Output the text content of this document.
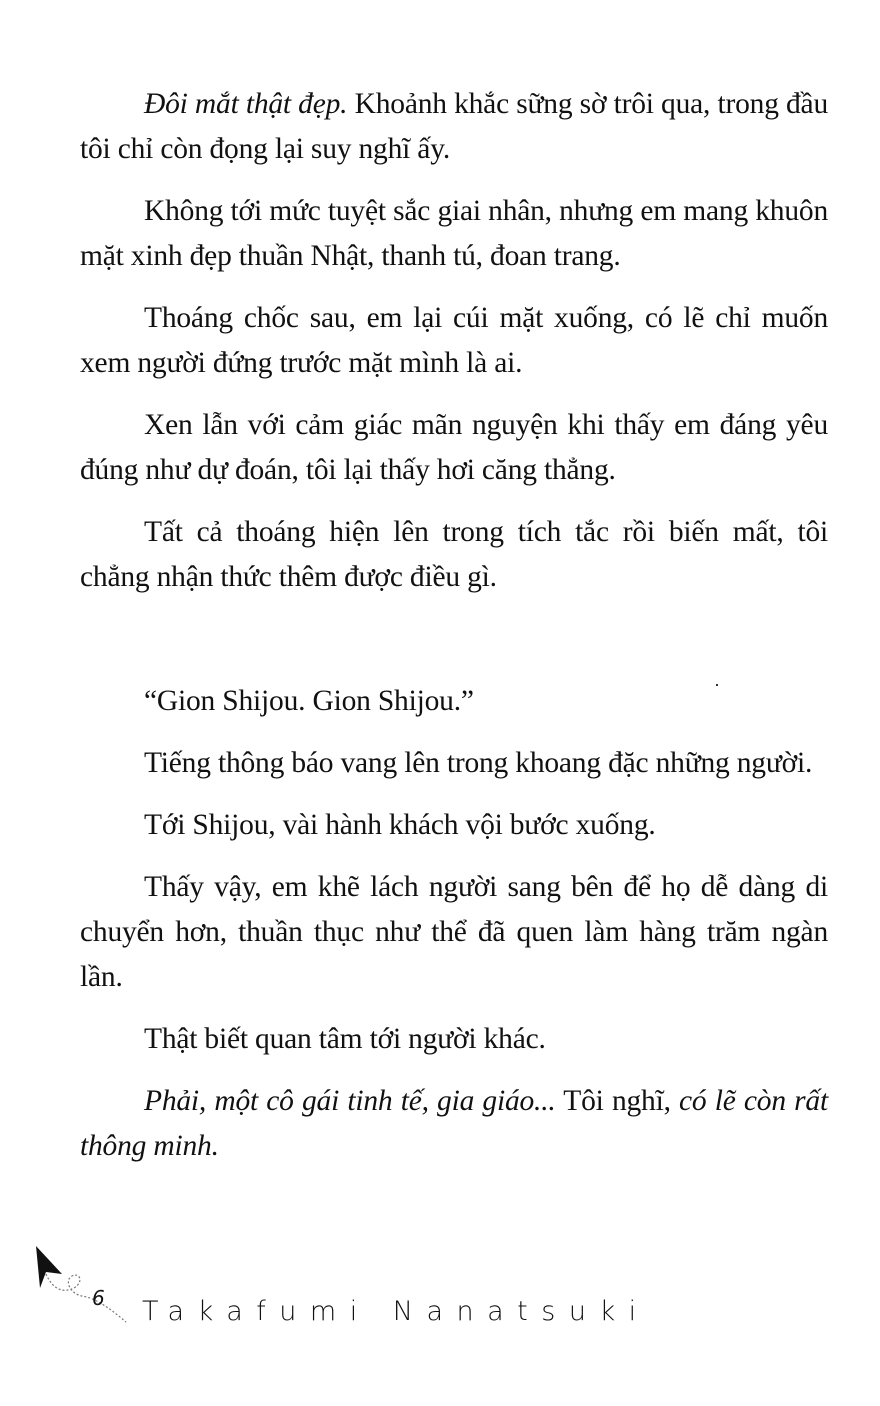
Đôi mắt thật đẹp. Khoảnh khắc sững sờ trôi qua, trong đầu tôi chỉ còn đọng lại suy nghĩ ấy.

Không tới mức tuyệt sắc giai nhân, nhưng em mang khuôn mặt xinh đẹp thuần Nhật, thanh tú, đoan trang.

Thoáng chốc sau, em lại cúi mặt xuống, có lẽ chỉ muốn xem người đứng trước mặt mình là ai.

Xen lẫn với cảm giác mãn nguyện khi thấy em đáng yêu đúng như dự đoán, tôi lại thấy hơi căng thẳng.

Tất cả thoáng hiện lên trong tích tắc rồi biến mất, tôi chẳng nhận thức thêm được điều gì.

“Gion Shijou. Gion Shijou.”

Tiếng thông báo vang lên trong khoang đặc những người.

Tới Shijou, vài hành khách vội bước xuống.

Thấy vậy, em khẽ lách người sang bên để họ dễ dàng di chuyển hơn, thuần thục như thể đã quen làm hàng trăm ngàn lần.

Thật biết quan tâm tới người khác.

Phải, một cô gái tinh tế, gia giáo... Tôi nghĩ, có lẽ còn rất thông minh.

6 Takafumi Nanatsuki
